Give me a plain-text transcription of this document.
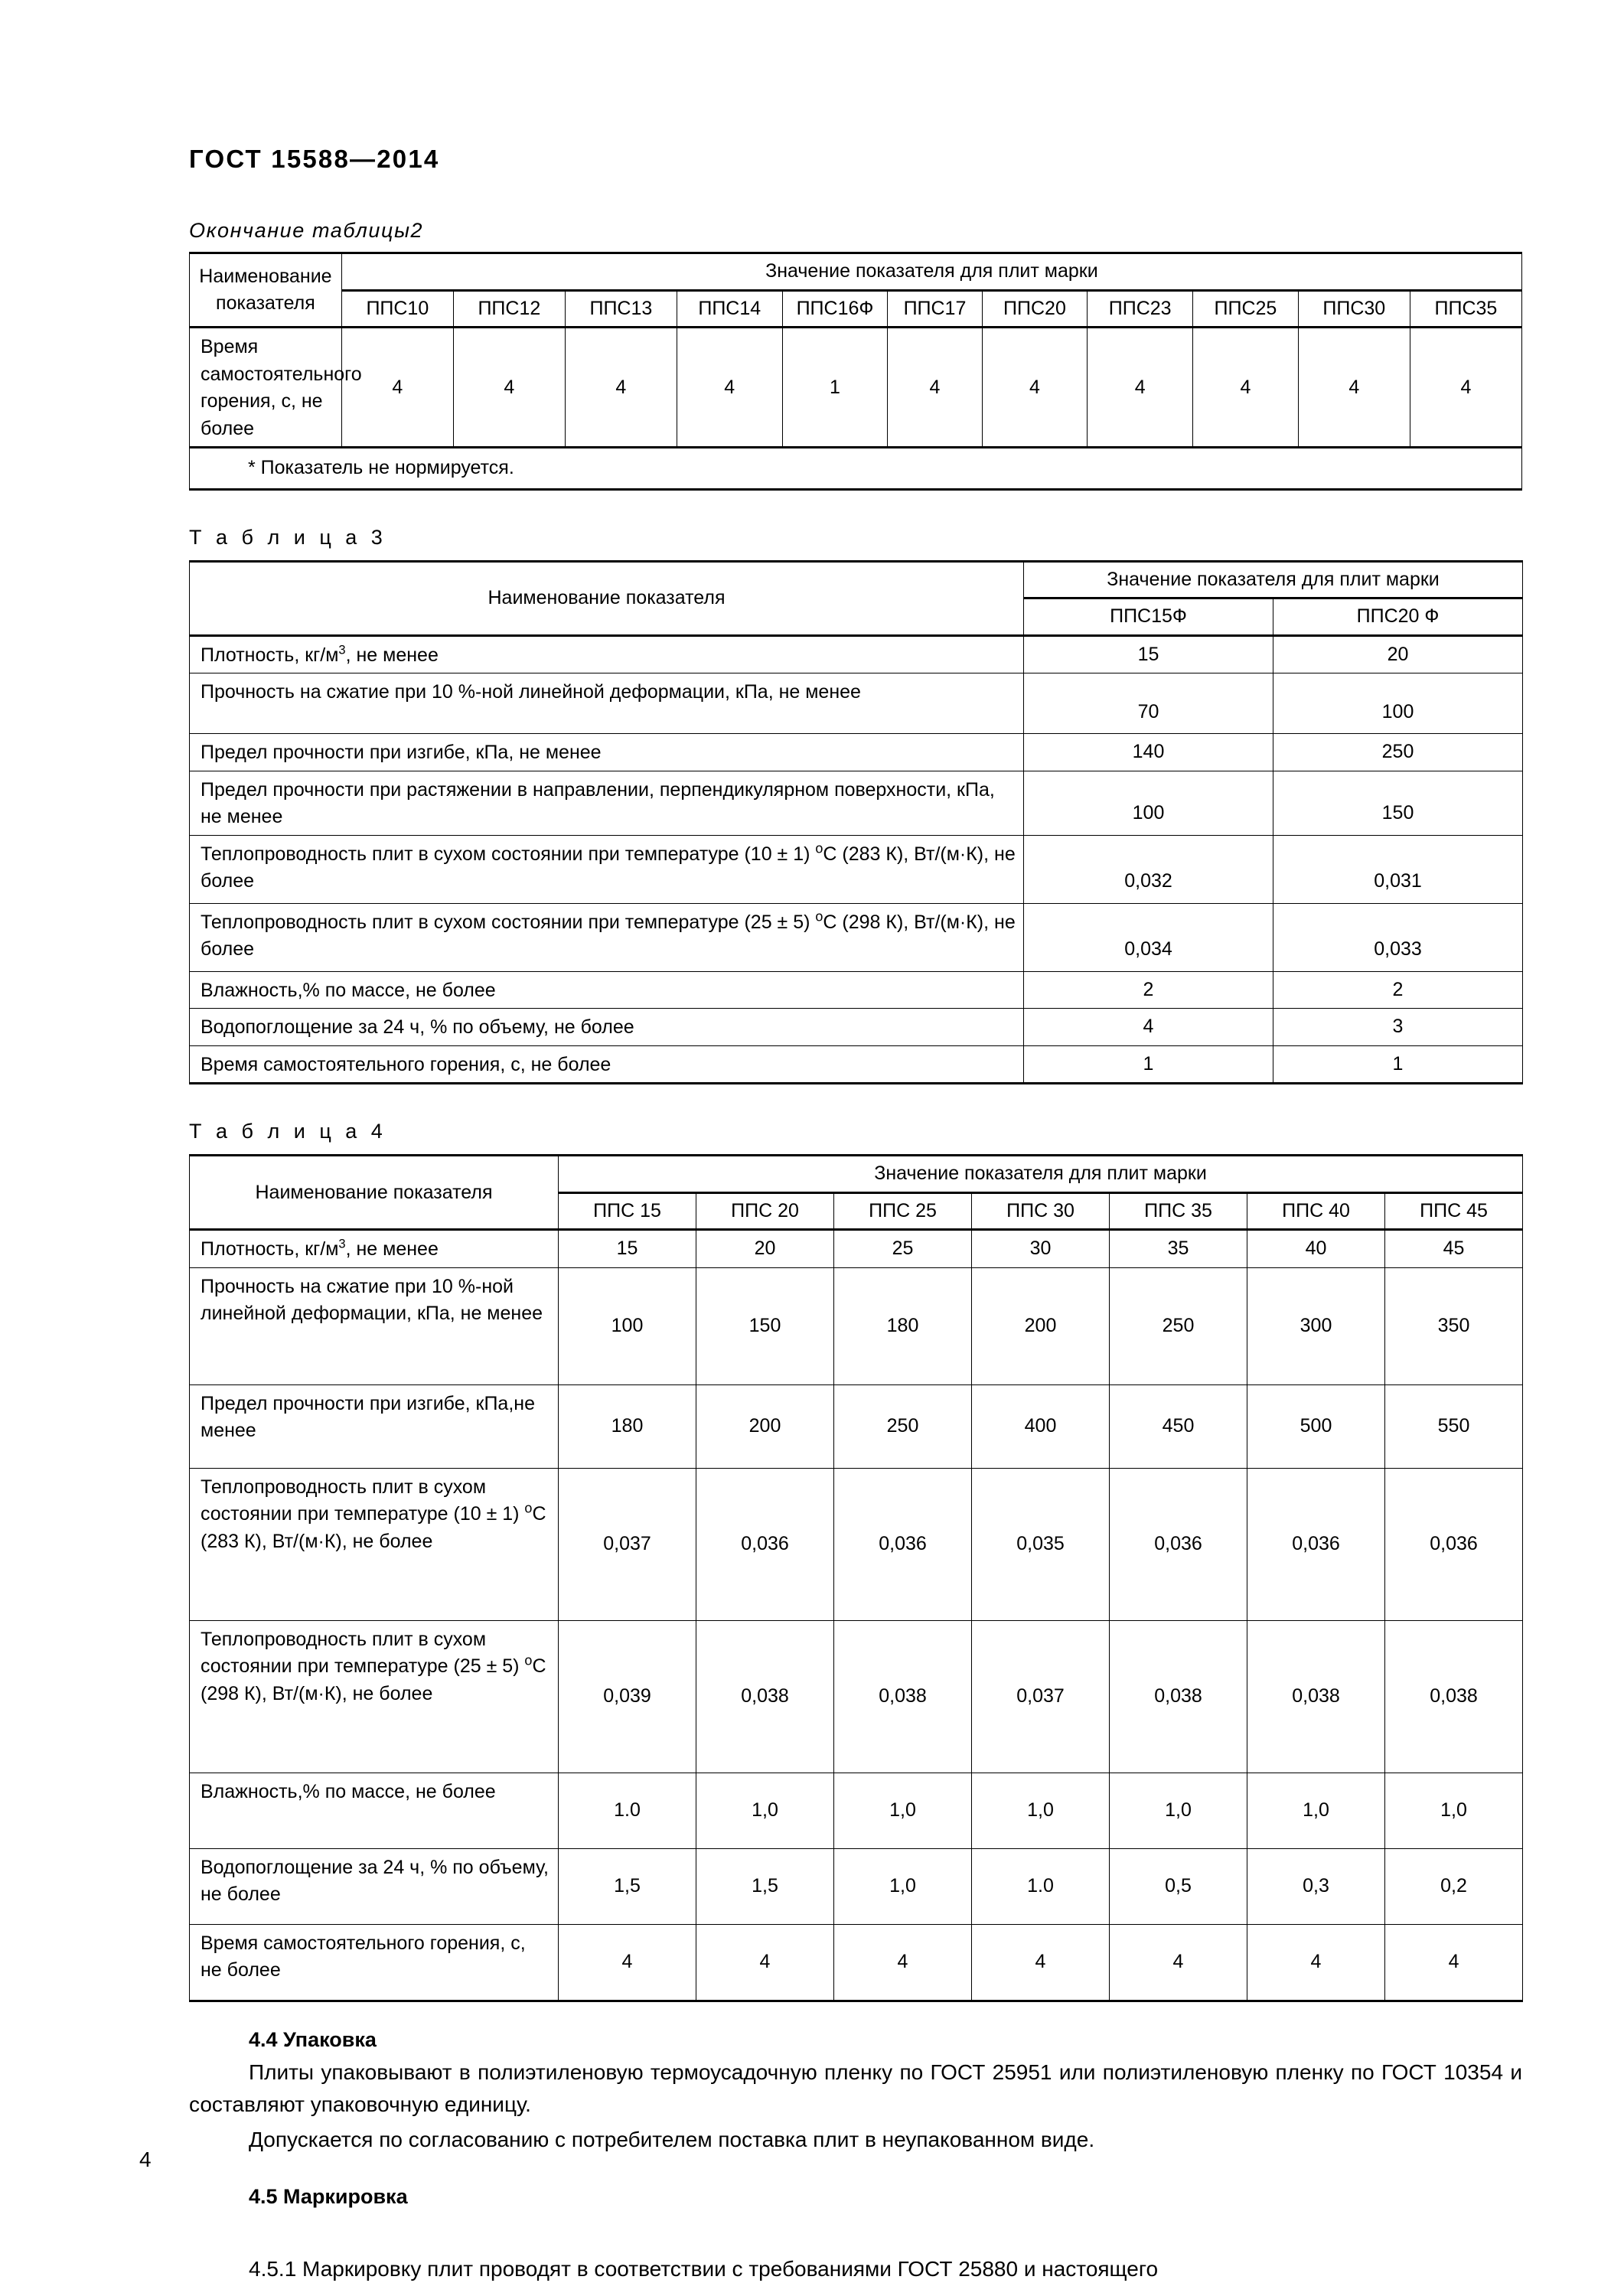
ГОСТ 15588—2014
Окончание таблицы2
Наименование показателя	Значение показателя для плит марки										
	ППС10	ППС12	ППС13	ППС14	ППС16Ф	ППС17	ППС20	ППС23	ППС25	ППС30	ППС35
Время самостоятельного горения, с, не более	4	4	4	4	1	4	4	4	4	4	4
* Показатель не нормируется.											
Т а б л и ц а 3
Наименование показателя	Значение показателя для плит марки	
	ППС15Ф	ППС20 Ф
Плотность, $кг/м^3$, не менее	15	20
Прочность на сжатие при 10 %-ной линейной деформации, кПа, не менее	70	100
Предел прочности при изгибе, кПа, не менее	140	250
Предел прочности при растяжении в направлении, перпендикулярном поверхности, кПа, не менее	100	150
Теплопроводность плит в сухом состоянии при температуре (10 ± 1) $^о$С (283 К), Вт/(м·К), не более	0,032	0,031
Теплопроводность плит в сухом состоянии при температуре (25 ± 5) $^о$С (298 К), Вт/(м·К), не более	0,034	0,033
Влажность,% по массе, не более	2	2
Водопоглощение за 24 ч, % по объему, не более	4	3
Время самостоятельного горения, с, не более	1	1
Т а б л и ц а 4
Наименование показателя	Значение показателя для плит марки						
	ППС 15	ППС 20	ППС 25	ППС 30	ППС 35	ППС 40	ППС 45
Плотность, $кг/м^3$, не менее	15	20	25	30	35	40	45
Прочность на сжатие при 10 %-ной линейной деформации, кПа, не менее	100	150	180	200	250	300	350
Предел прочности при изгибе, кПа,не менее	180	200	250	400	450	500	550
Теплопроводность плит в сухом состоянии при температуре (10 ± 1) $^о$С (283 К), Вт/(м·К), не более	0,037	0,036	0,036	0,035	0,036	0,036	0,036
Теплопроводность плит в сухом состоянии при температуре (25 ± 5) $^о$С (298 К), Вт/(м·К), не более	0,039	0,038	0,038	0,037	0,038	0,038	0,038
Влажность,% по массе, не более	1.0	1,0	1,0	1,0	1,0	1,0	1,0
Водопоглощение за 24 ч, % по объему, не более	1,5	1,5	1,0	1.0	0,5	0,3	0,2
Время самостоятельного горения, с, не более	4	4	4	4	4	4	4
4.4 Упаковка

Плиты упаковывают в полиэтиленовую термоусадочную пленку по ГОСТ 25951 или полиэтиленовую пленку по ГОСТ 10354 и составляют упаковочную единицу.

Допускается по согласованию с потребителем поставка плит в неупакованном виде.

4.5 Маркировка

4.5.1 Маркировку плит проводят в соответствии с требованиями ГОСТ 25880 и настоящего

4
